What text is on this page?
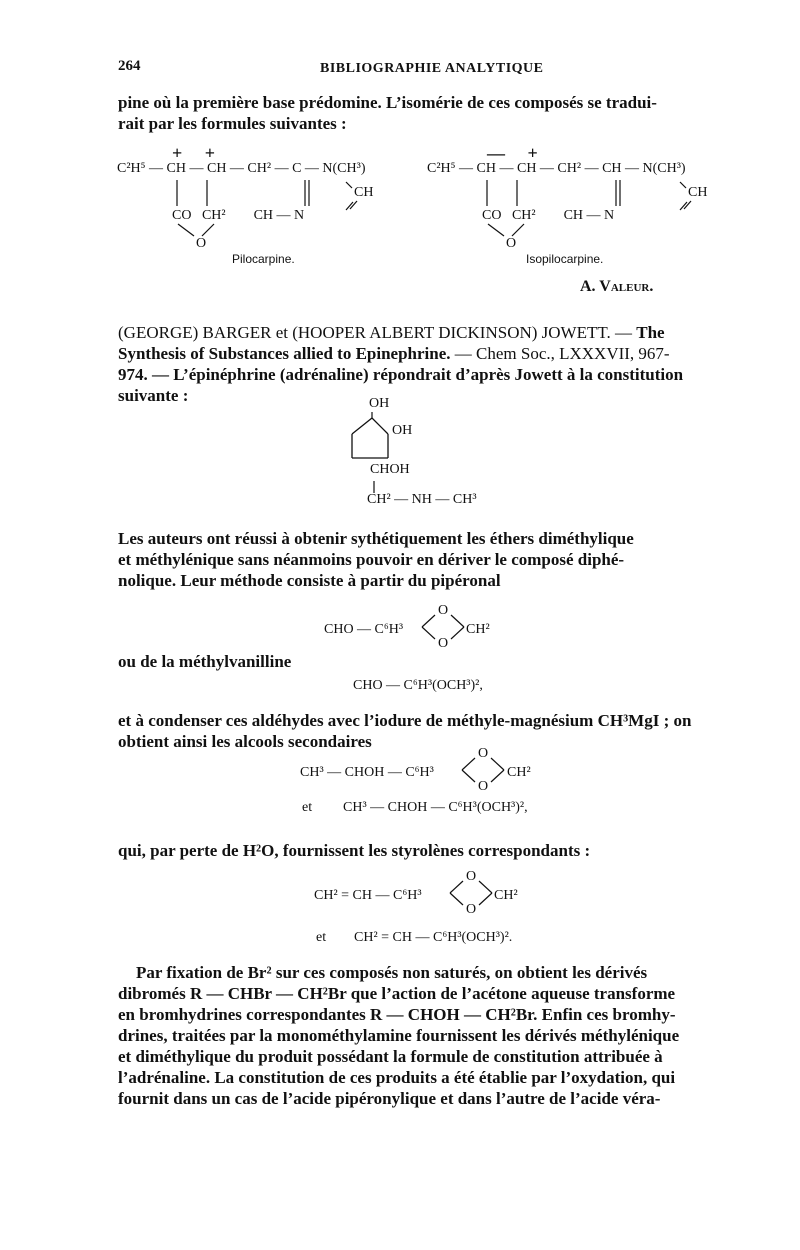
264	BIBLIOGRAPHIE ANALYTIQUE
pine où la première base prédomine. L’isomérie de ces composés se tradui-
rait par les formules suivantes :
+ +
C²H⁵ — CH — CH — CH² — C — N(CH³)
CH
CO   CH²        CH — N
O
Pilocarpine.
— +
C²H⁵ — CH — CH — CH² — CH — N(CH³)
CH
CO   CH²        CH — N
O
Isopilocarpine.
A. Valeur.
(GEORGE) BARGER et (HOOPER ALBERT DICKINSON) JOWETT. — The
Synthesis of Substances allied to Epinephrine. — Chem Soc., LXXXVII, 967-
974. — L’épinéphrine (adrénaline) répondrait d’après Jowett à la constitution
suivante :	OH
OH
CHOH
CH² — NH — CH³
Les auteurs ont réussi à obtenir sythétiquement les éthers diméthylique
et méthylénique sans néanmoins pouvoir en dériver le composé diphé-
nolique. Leur méthode consiste à partir du pipéronal
CHO — C⁶H³
O
O
CH²
ou de la méthylvanilline
CHO — C⁶H³(OCH³)²,
et à condenser ces aldéhydes avec l’iodure de méthyle-magnésium CH³MgI ; on
obtient ainsi les alcools secondaires
CH³ — CHOH — C⁶H³
O
O
CH²
et CH³ — CHOH — C⁶H³(OCH³)²,
qui, par perte de H²O, fournissent les styrolènes correspondants :
CH² = CH — C⁶H³
O
O
CH²
et CH² = CH — C⁶H³(OCH³)².
Par fixation de Br² sur ces composés non saturés, on obtient les dérivés
dibromés R — CHBr — CH²Br que l’action de l’acétone aqueuse transforme
en bromhydrines correspondantes R — CHOH — CH²Br. Enfin ces bromhy-
drines, traitées par la monométhylamine fournissent les dérivés méthylénique
et diméthylique du produit possédant la formule de constitution attribuée à
l’adrénaline. La constitution de ces produits a été établie par l’oxydation, qui
fournit dans un cas de l’acide pipéronylique et dans l’autre de l’acide véra-
